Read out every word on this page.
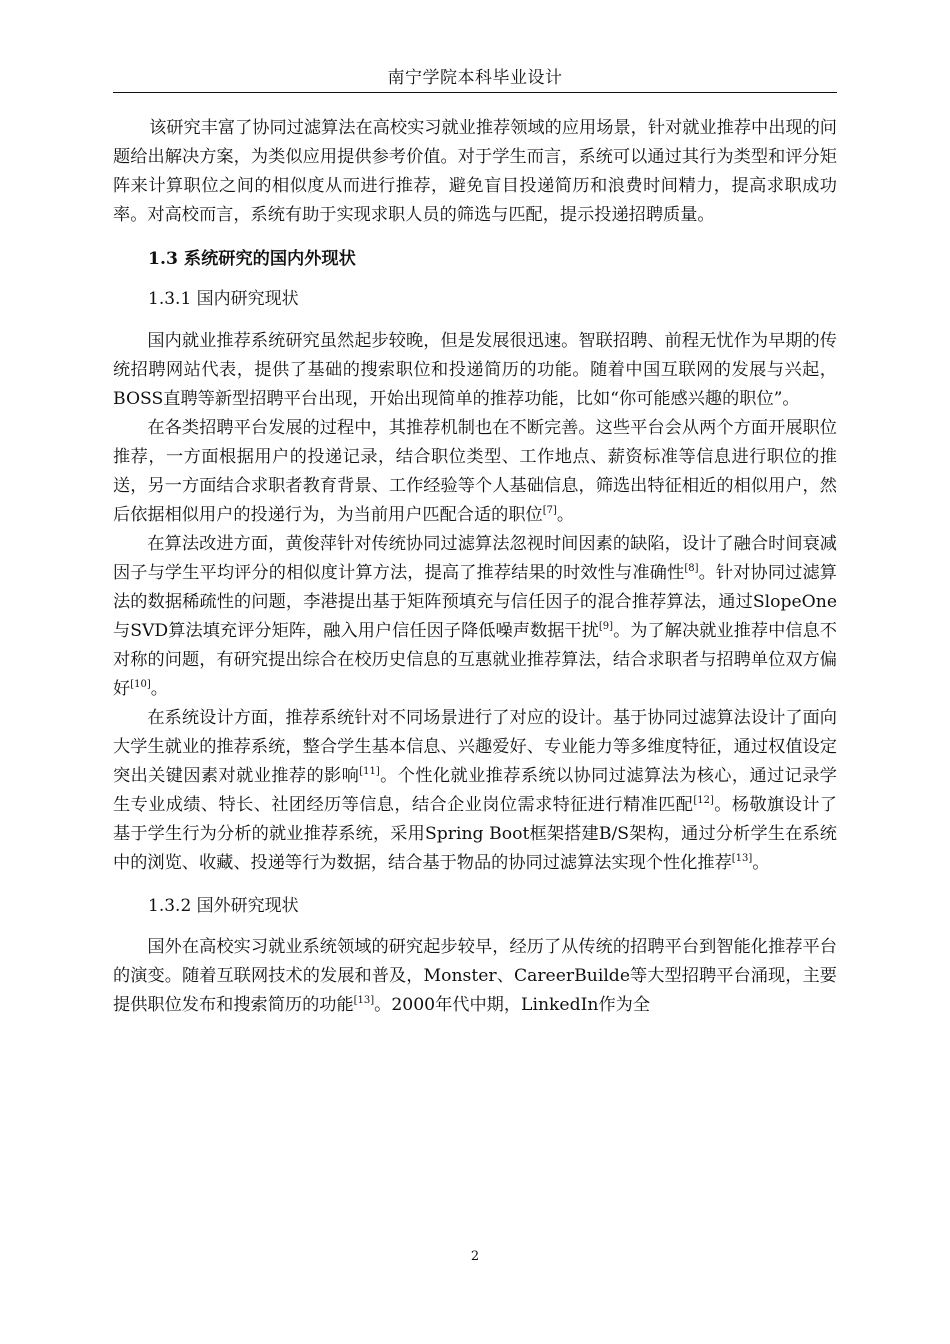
南宁学院本科毕业设计

该研究丰富了协同过滤算法在高校实习就业推荐领域的应用场景，针对就业推荐中出现的问题给出解决方案，为类似应用提供参考价值。对于学生而言，系统可以通过其行为类型和评分矩阵来计算职位之间的相似度从而进行推荐，避免盲目投递简历和浪费时间精力，提高求职成功率。对高校而言，系统有助于实现求职人员的筛选与匹配，提示投递招聘质量。

1.3 系统研究的国内外现状
1.3.1 国内研究现状

国内就业推荐系统研究虽然起步较晚，但是发展很迅速。智联招聘、前程无忧作为早期的传统招聘网站代表，提供了基础的搜索职位和投递简历的功能。随着中国互联网的发展与兴起，BOSS直聘等新型招聘平台出现，开始出现简单的推荐功能，比如“你可能感兴趣的职位”。

在各类招聘平台发展的过程中，其推荐机制也在不断完善。这些平台会从两个方面开展职位推荐，一方面根据用户的投递记录，结合职位类型、工作地点、薪资标准等信息进行职位的推送，另一方面结合求职者教育背景、工作经验等个人基础信息，筛选出特征相近的相似用户，然后依据相似用户的投递行为，为当前用户匹配合适的职位[7]。

在算法改进方面，黄俊萍针对传统协同过滤算法忽视时间因素的缺陷，设计了融合时间衰减因子与学生平均评分的相似度计算方法，提高了推荐结果的时效性与准确性[8]。针对协同过滤算法的数据稀疏性的问题，李港提出基于矩阵预填充与信任因子的混合推荐算法，通过SlopeOne与SVD算法填充评分矩阵，融入用户信任因子降低噪声数据干扰[9]。为了解决就业推荐中信息不对称的问题，有研究提出综合在校历史信息的互惠就业推荐算法，结合求职者与招聘单位双方偏好[10]。

在系统设计方面，推荐系统针对不同场景进行了对应的设计。基于协同过滤算法设计了面向大学生就业的推荐系统，整合学生基本信息、兴趣爱好、专业能力等多维度特征，通过权值设定突出关键因素对就业推荐的影响[11]。个性化就业推荐系统以协同过滤算法为核心，通过记录学生专业成绩、特长、社团经历等信息，结合企业岗位需求特征进行精准匹配[12]。杨敬旗设计了基于学生行为分析的就业推荐系统，采用Spring Boot框架搭建B/S架构，通过分析学生在系统中的浏览、收藏、投递等行为数据，结合基于物品的协同过滤算法实现个性化推荐[13]。

1.3.2 国外研究现状

国外在高校实习就业系统领域的研究起步较早，经历了从传统的招聘平台到智能化推荐平台的演变。随着互联网技术的发展和普及，Monster、CareerBuilde等大型招聘平台涌现，主要提供职位发布和搜索简历的功能[13]。2000年代中期，LinkedIn作为全

2
